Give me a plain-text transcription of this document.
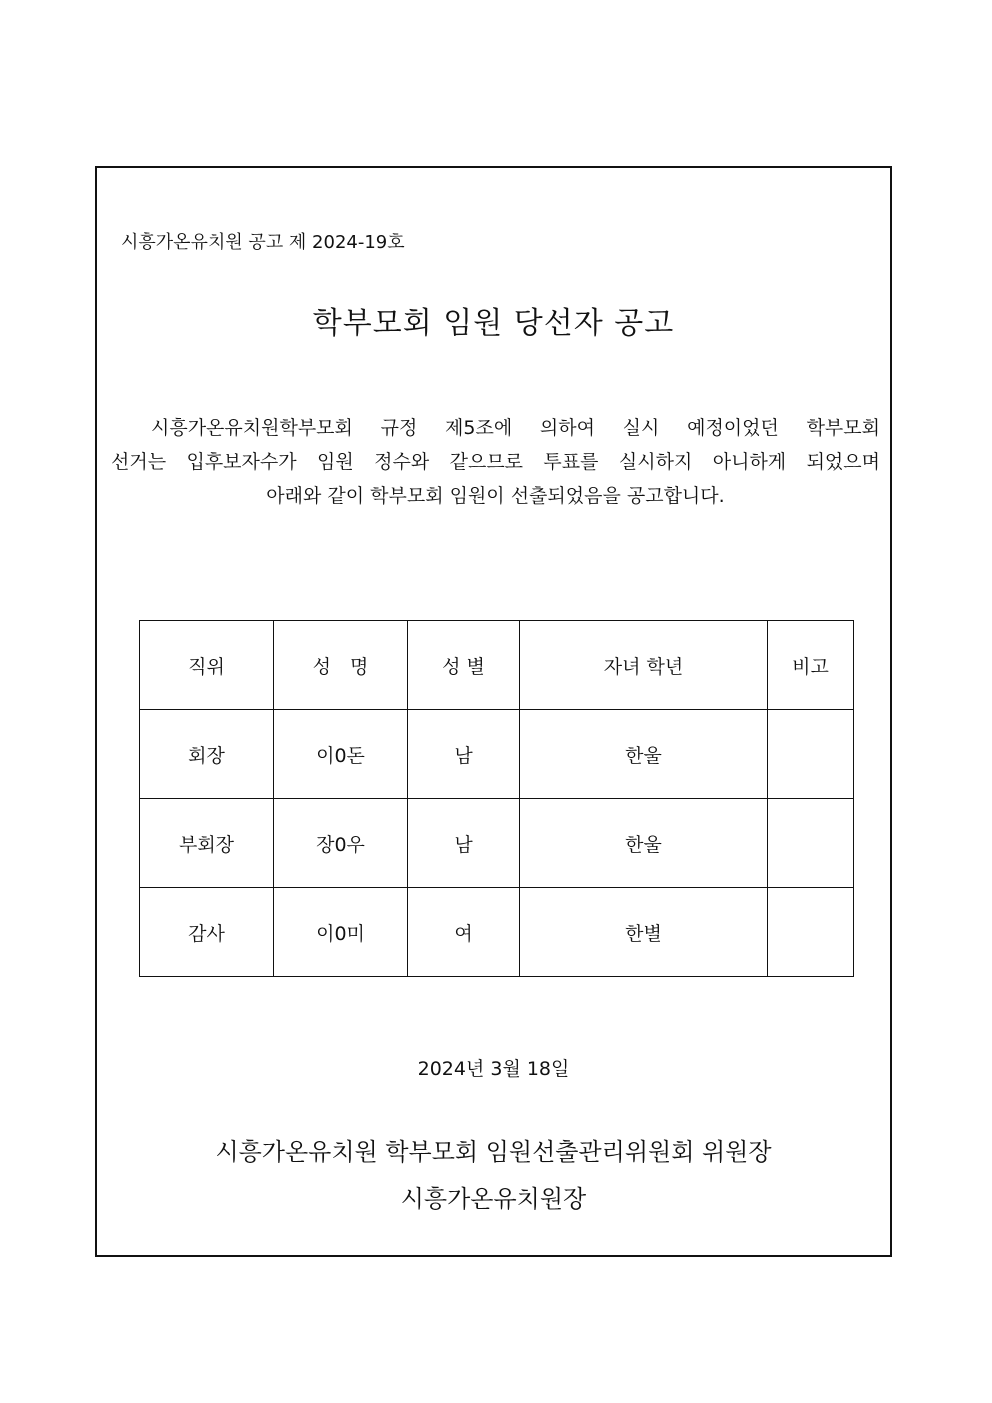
시흥가온유치원 공고 제 2024-19호
학부모회 임원 당선자 공고
시흥가온유치원학부모회 규정 제5조에 의하여 실시 예정이었던 학부모회
선거는 입후보자수가 임원 정수와 같으므로 투표를 실시하지 아니하게 되었으며
아래와 같이 학부모회 임원이 선출되었음을 공고합니다.
직위	성　명	성 별	자녀 학년	비고
회장	이0돈	남	한울	
부회장	장0우	남	한울	
감사	이0미	여	한별	
2024년 3월 18일
시흥가온유치원 학부모회 임원선출관리위원회 위원장
시흥가온유치원장
